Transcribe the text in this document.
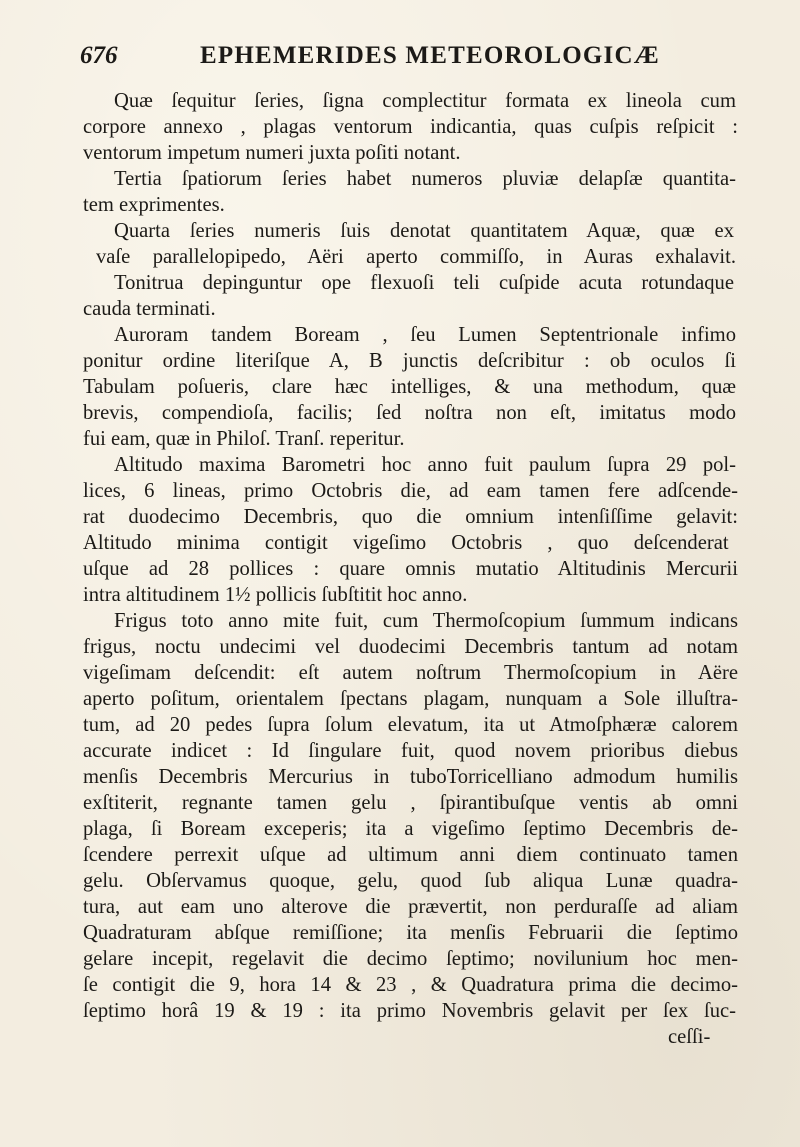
676	EPHEMERIDES METEOROLOGICÆ
Quæ ſequitur ſeries, ſigna complectitur formata ex lineola cum
corpore annexo , plagas ventorum indicantia, quas cuſpis reſpicit :
ventorum impetum numeri juxta poſiti notant.
Tertia ſpatiorum ſeries habet numeros pluviæ delapſæ quantita-
tem exprimentes.
Quarta ſeries numeris ſuis denotat quantitatem Aquæ, quæ ex
vaſe parallelopipedo, Aëri aperto commiſſo, in Auras exhalavit.
Tonitrua depinguntur ope flexuoſi teli cuſpide acuta rotundaque
cauda terminati.
Auroram tandem Boream , ſeu Lumen Septentrionale infimo
ponitur ordine literiſque A, B junctis deſcribitur : ob oculos ſi
Tabulam poſueris, clare hæc intelliges, & una methodum, quæ
brevis, compendioſa, facilis; ſed noſtra non eſt, imitatus modo
fui eam, quæ in Philoſ. Tranſ. reperitur.
Altitudo maxima Barometri hoc anno fuit paulum ſupra 29 pol-
lices, 6 lineas, primo Octobris die, ad eam tamen fere adſcende-
rat duodecimo Decembris, quo die omnium intenſiſſime gelavit:
Altitudo minima contigit vigeſimo Octobris , quo deſcenderat
uſque ad 28 pollices : quare omnis mutatio Altitudinis Mercurii
intra altitudinem 1½ pollicis ſubſtitit hoc anno.
Frigus toto anno mite fuit, cum Thermoſcopium ſummum indicans
frigus, noctu undecimi vel duodecimi Decembris tantum ad notam
vigeſimam deſcendit: eſt autem noſtrum Thermoſcopium in Aëre
aperto poſitum, orientalem ſpectans plagam, nunquam a Sole illuſtra-
tum, ad 20 pedes ſupra ſolum elevatum, ita ut Atmoſphæræ calorem
accurate indicet : Id ſingulare fuit, quod novem prioribus diebus
menſis Decembris Mercurius in tuboTorricelliano admodum humilis
exſtiterit, regnante tamen gelu , ſpirantibuſque ventis ab omni
plaga, ſi Boream exceperis; ita a vigeſimo ſeptimo Decembris de-
ſcendere perrexit uſque ad ultimum anni diem continuato tamen
gelu. Obſervamus quoque, gelu, quod ſub aliqua Lunæ quadra-
tura, aut eam uno alterove die prævertit, non perduraſſe ad aliam
Quadraturam abſque remiſſione; ita menſis Februarii die ſeptimo
gelare incepit, regelavit die decimo ſeptimo; novilunium hoc men-
ſe contigit die 9, hora 14 & 23 , & Quadratura prima die decimo-
ſeptimo horâ 19 & 19 : ita primo Novembris gelavit per ſex ſuc-
ceſſi-
